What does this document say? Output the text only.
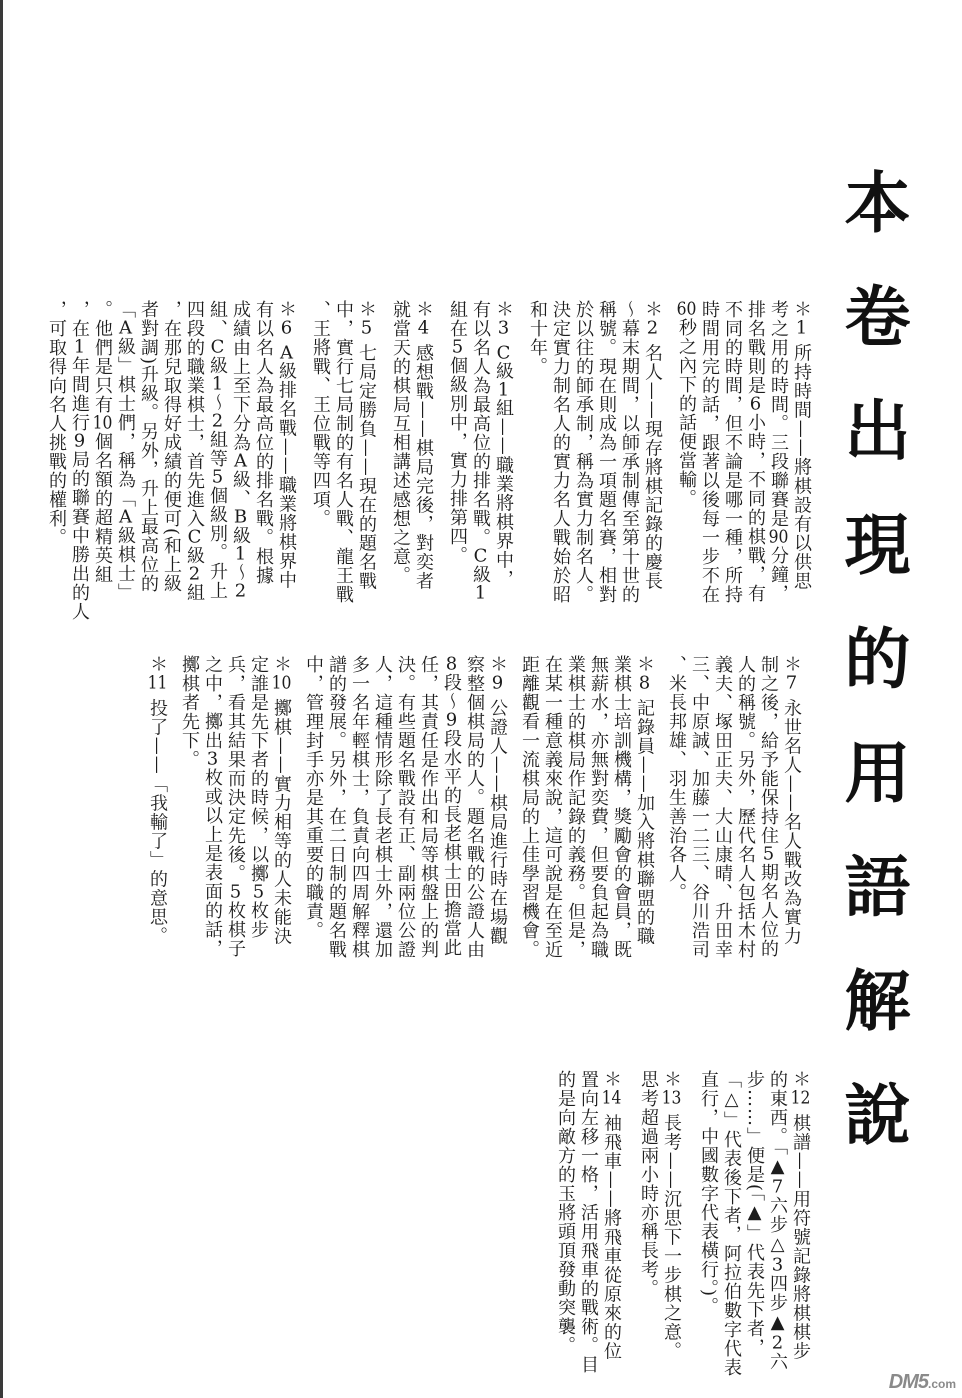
本卷出現的用語解說
＊1 所持時間——將棋設有以供思
考之用的時間。三段聯賽是90分鐘，
排名戰則是6小時，不同的棋戰，有
不同的時間，但不論是哪一種，所持
時間用完的話，跟著以後每一步不在
60秒之內下的話便當輸。
＊2 名人——現存將棋記錄的慶長
～幕末期間，以師承制傳至第十世的
稱號。現在則成為一項題名賽，相對
於以往的師承制，稱為實力制名人。
決定實力制名人的實力名人戰始於昭
和十年。
＊3 C級1組——職業將棋界中，
有以名人為最高位的排名戰。C級1
組在5個級別中，實力排第四。
＊4 感想戰——棋局完後，對奕者
就當天的棋局互相講述感想之意。
＊5 七局定勝負——現在的題名戰
中，實行七局制的有名人戰、龍王戰
、王將戰、王位戰等四項。
＊6 A級排名戰——職業將棋界中
有以名人為最高位的排名戰。根據
成績由上至下分為A級、B級1～2
組、C級1～2組等5個級別。升上
四段的職業棋士，首先進入C級2組
，在那兒取得好成績的便可(和上級
者對調)升級。另外，升上最高位的
「A級」棋士們，稱為「A級棋士」
。他們是只有10個名額的超精英組
，在1年間進行9局的聯賽中勝出的人
，可取得向名人挑戰的權利。
＊7 永世名人——名人戰改為實力
制之後，給予能保持住5期名人位的
人的稱號。另外，歷代名人包括木村
義夫、塚田正夫、大山康晴、升田幸
三、中原誠、加藤一二三、谷川浩司
、米長邦雄、羽生善治各人。
＊8 記錄員——加入將棋聯盟的職
業棋士培訓機構，獎勵會的會員，既
無薪水，亦無對奕費，但要負起為職
業棋士的棋局作記錄的義務。但是，
在某一種意義來說，這可說是在至近
距離觀看一流棋局的上佳學習機會。
＊9 公證人——棋局進行時在場觀
察整個棋局的人。題名戰的公證人由
8段～9段水平的長老棋士田擔當此
任，其責任是作出和局等棋盤上的判
決。有些題名戰設有正、副兩位公證
人，這種情形除了長老棋士外，還加
多一名年輕棋士，負責向四周解釋棋
譜的發展。另外，在二日制的題名戰
中，管理封手亦是其重要的職責。
＊10 擲棋——實力相等的人未能決
定誰是先下者的時候，以擲5枚步
兵，看其結果而決定先後。5枚棋子
之中，擲出3枚或以上是表面的話，
擲棋者先下。
＊11 投了——「我輸了」的意思。
＊12 棋譜——用符號記錄將棋棋步
的東西。「▲7六步△3四步▲2六
步……」便是(「▲」代表先下者，
「△」代表後下者，阿拉伯數字代表
直行，中國數字代表橫行。)。
＊13 長考——沉思下一步棋之意。
思考超過兩小時亦稱長考。
＊14 袖飛車——將飛車從原來的位
置向左移一格，活用飛車的戰術。目
的是向敵方的玉將頭頂發動突襲。
DM5.com
